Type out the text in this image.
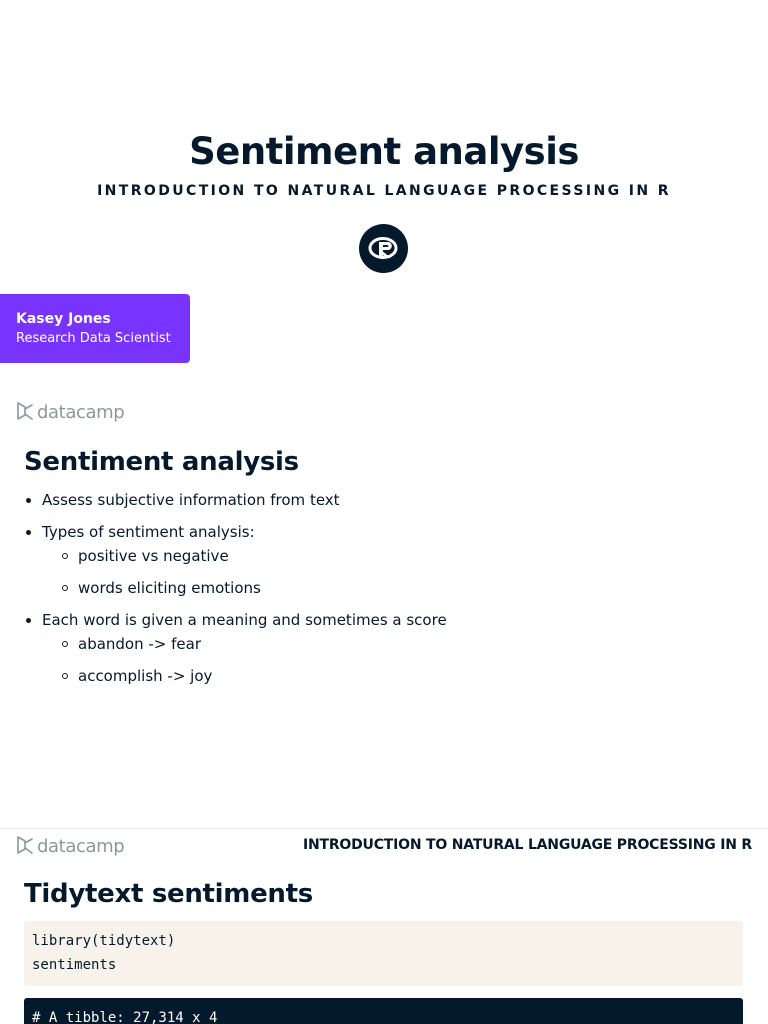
Sentiment analysis
INTRODUCTION TO NATURAL LANGUAGE PROCESSING IN R
Kasey Jones
Research Data Scientist
datacamp
Sentiment analysis
Assess subjective information from text
Types of sentiment analysis:
positive vs negative
words eliciting emotions
Each word is given a meaning and sometimes a score
abandon -> fear
accomplish -> joy
datacamp	INTRODUCTION TO NATURAL LANGUAGE PROCESSING IN R
Tidytext sentiments
library(tidytext)
sentiments
# A tibble: 27,314 x 4
